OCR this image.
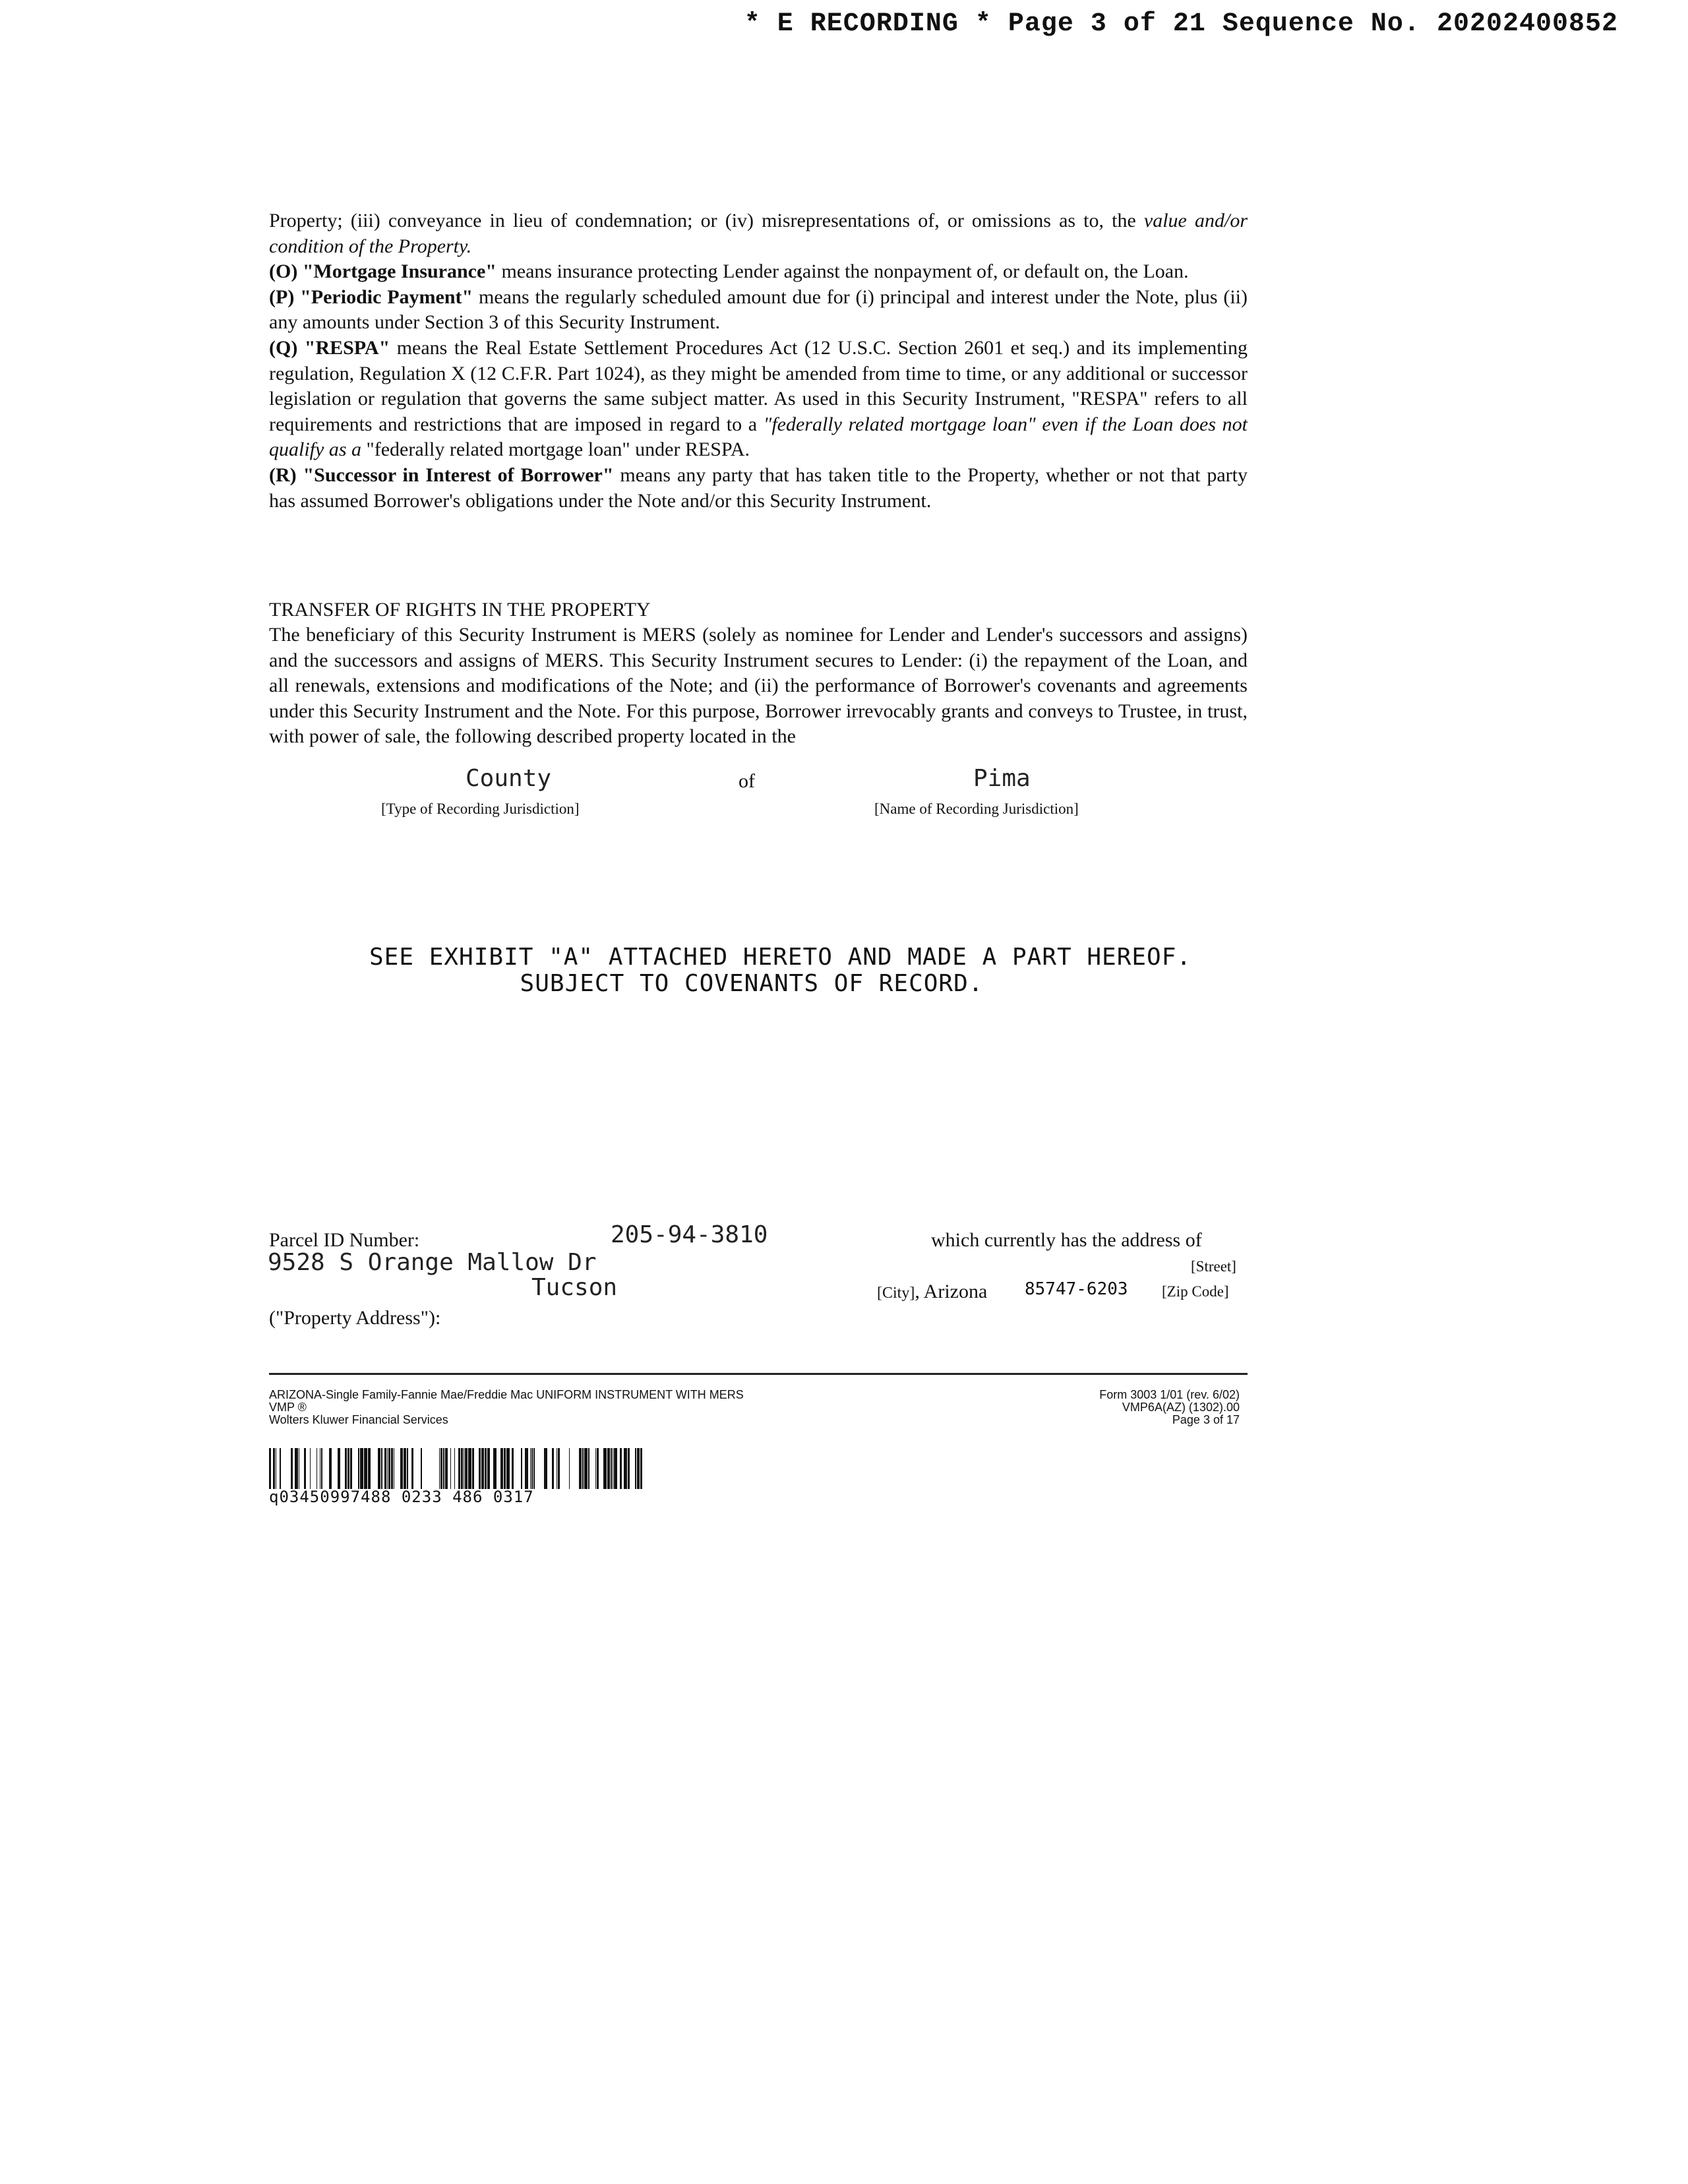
* E RECORDING * Page 3 of 21 Sequence No. 20202400852

Property; (iii) conveyance in lieu of condemnation; or (iv) misrepresentations of, or omissions as to, the value and/or condition of the Property.

(O) "Mortgage Insurance" means insurance protecting Lender against the nonpayment of, or default on, the Loan.

(P) "Periodic Payment" means the regularly scheduled amount due for (i) principal and interest under the Note, plus (ii) any amounts under Section 3 of this Security Instrument.

(Q) "RESPA" means the Real Estate Settlement Procedures Act (12 U.S.C. Section 2601 et seq.) and its implementing regulation, Regulation X (12 C.F.R. Part 1024), as they might be amended from time to time, or any additional or successor legislation or regulation that governs the same subject matter. As used in this Security Instrument, "RESPA" refers to all requirements and restrictions that are imposed in regard to a "federally related mortgage loan" even if the Loan does not qualify as a "federally related mortgage loan" under RESPA.

(R) "Successor in Interest of Borrower" means any party that has taken title to the Property, whether or not that party has assumed Borrower's obligations under the Note and/or this Security Instrument.

TRANSFER OF RIGHTS IN THE PROPERTY
The beneficiary of this Security Instrument is MERS (solely as nominee for Lender and Lender's successors and assigns) and the successors and assigns of MERS. This Security Instrument secures to Lender: (i) the repayment of the Loan, and all renewals, extensions and modifications of the Note; and (ii) the performance of Borrower's covenants and agreements under this Security Instrument and the Note. For this purpose, Borrower irrevocably grants and conveys to Trustee, in trust, with power of sale, the following described property located in the
County	of	Pima
[Type of Recording Jurisdiction]	[Name of Recording Jurisdiction]
SEE EXHIBIT "A" ATTACHED HERETO AND MADE A PART HEREOF.
SUBJECT TO COVENANTS OF RECORD.
Parcel ID Number:	205-94-3810	which currently has the address of
9528 S Orange Mallow Dr	[Street]
Tucson	[City], Arizona 85747-6203 [Zip Code]
("Property Address"):
ARIZONA-Single Family-Fannie Mae/Freddie Mac UNIFORM INSTRUMENT WITH MERS
VMP ®
Wolters Kluwer Financial Services
Form 3003 1/01 (rev. 6/02)
VMP6A(AZ) (1302).00
Page 3 of 17
q03450997488 0233 486 0317
